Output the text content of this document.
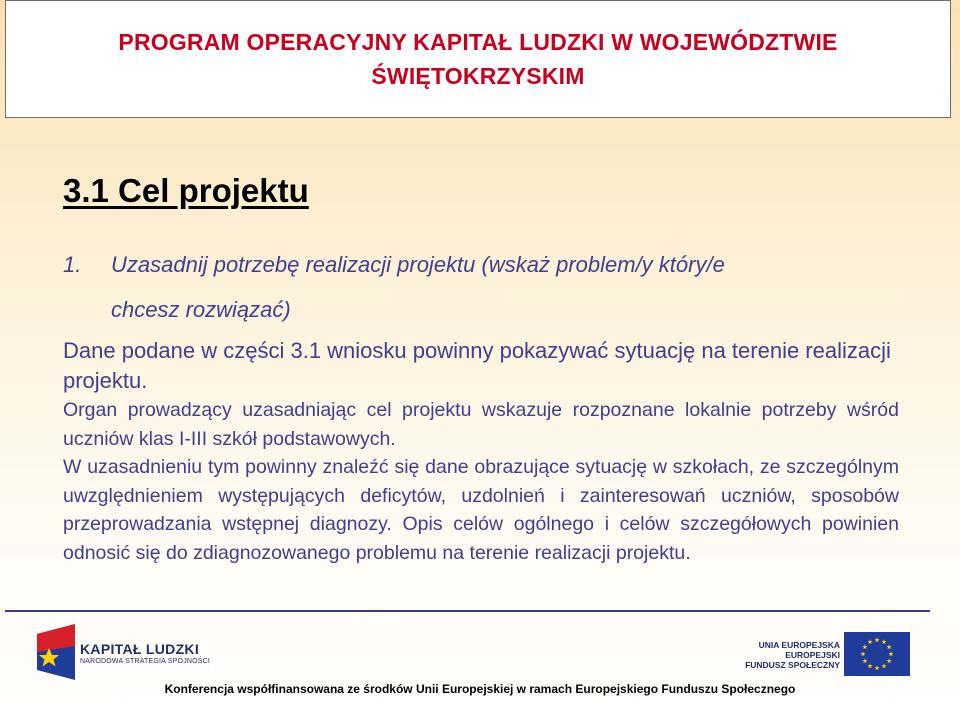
PROGRAM OPERACYJNY KAPITAŁ LUDZKI W WOJEWÓDZTWIE
ŚWIĘTOKRZYSKIM
3.1 Cel projektu
1. Uzasadnij potrzebę realizacji projektu (wskaż problem/y który/e
chcesz rozwiązać)
Dane podane w części 3.1 wniosku powinny pokazywać sytuację na terenie realizacji projektu.
Organ prowadzący uzasadniając cel projektu wskazuje rozpoznane lokalnie potrzeby wśród uczniów klas I-III szkół podstawowych.
W uzasadnieniu tym powinny znaleźć się dane obrazujące sytuację w szkołach, ze szczególnym uwzględnieniem występujących deficytów, uzdolnień i zainteresowań uczniów, sposobów przeprowadzania wstępnej diagnozy. Opis celów ogólnego i celów szczegółowych powinien odnosić się do zdiagnozowanego problemu na terenie realizacji projektu.
KAPITAŁ LUDZKI
NARODOWA STRATEGIA SPÓJNOŚCI
UNIA EUROPEJSKA
EUROPEJSKI
FUNDUSZ SPOŁECZNY
Konferencja współfinansowana ze środków Unii Europejskiej w ramach Europejskiego Funduszu Społecznego
